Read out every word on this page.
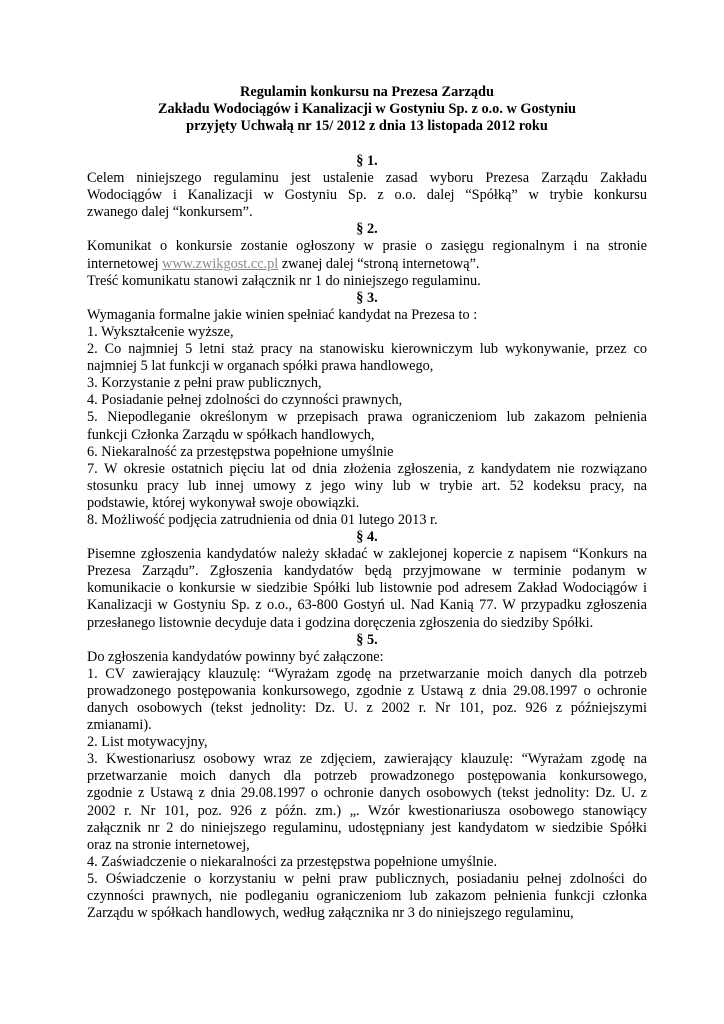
Regulamin konkursu na Prezesa Zarządu
Zakładu Wodociągów i Kanalizacji w Gostyniu Sp. z o.o. w Gostyniu
przyjęty Uchwałą nr 15/ 2012 z dnia 13 listopada 2012 roku
§ 1.
Celem niniejszego regulaminu jest ustalenie zasad wyboru Prezesa Zarządu Zakładu
Wodociągów i Kanalizacji w Gostyniu Sp. z o.o. dalej “Spółką” w trybie konkursu
zwanego dalej “konkursem”.
§ 2.
Komunikat o konkursie zostanie ogłoszony w prasie o zasięgu regionalnym i na stronie
internetowej www.zwikgost.cc.pl zwanej dalej “stroną internetową”.
Treść komunikatu stanowi załącznik nr 1 do niniejszego regulaminu.
§ 3.
Wymagania formalne jakie winien spełniać kandydat na Prezesa to :
1. Wykształcenie wyższe,
2. Co najmniej 5 letni staż pracy na stanowisku kierowniczym lub wykonywanie, przez co
najmniej 5 lat funkcji w organach spółki prawa handlowego,
3. Korzystanie z pełni praw publicznych,
4. Posiadanie pełnej zdolności do czynności prawnych,
5. Niepodleganie określonym w przepisach prawa ograniczeniom lub zakazom pełnienia
funkcji Członka Zarządu w spółkach handlowych,
6. Niekaralność za przestępstwa popełnione umyślnie
7. W okresie ostatnich pięciu lat od dnia złożenia zgłoszenia, z kandydatem nie rozwiązano
stosunku pracy lub innej umowy z jego winy lub w trybie art. 52 kodeksu pracy, na
podstawie, której wykonywał swoje obowiązki.
8. Możliwość podjęcia zatrudnienia od dnia 01 lutego 2013 r.
§ 4.
Pisemne zgłoszenia kandydatów należy składać w zaklejonej kopercie z napisem “Konkurs na
Prezesa Zarządu”. Zgłoszenia kandydatów będą przyjmowane w terminie podanym w
komunikacie o konkursie w siedzibie Spółki lub listownie pod adresem Zakład Wodociągów i
Kanalizacji w Gostyniu Sp. z o.o., 63-800 Gostyń ul. Nad Kanią 77. W przypadku zgłoszenia
przesłanego listownie decyduje data i godzina doręczenia zgłoszenia do siedziby Spółki.
§ 5.
Do zgłoszenia kandydatów powinny być załączone:
1. CV zawierający klauzulę: “Wyrażam zgodę na przetwarzanie moich danych dla potrzeb
prowadzonego postępowania konkursowego, zgodnie z Ustawą z dnia 29.08.1997 o ochronie
danych osobowych (tekst jednolity: Dz. U. z 2002 r. Nr 101, poz. 926 z późniejszymi
zmianami).
2. List motywacyjny,
3. Kwestionariusz osobowy wraz ze zdjęciem, zawierający klauzulę: “Wyrażam zgodę na
przetwarzanie moich danych dla potrzeb prowadzonego postępowania konkursowego,
zgodnie z Ustawą z dnia 29.08.1997 o ochronie danych osobowych (tekst jednolity: Dz. U. z
2002 r. Nr 101, poz. 926 z późn. zm.) „. Wzór kwestionariusza osobowego stanowiący
załącznik nr 2 do niniejszego regulaminu, udostępniany jest kandydatom w siedzibie Spółki
oraz na stronie internetowej,
4. Zaświadczenie o niekaralności za przestępstwa popełnione umyślnie.
5. Oświadczenie o korzystaniu w pełni praw publicznych, posiadaniu pełnej zdolności do
czynności prawnych, nie podleganiu ograniczeniom lub zakazom pełnienia funkcji członka
Zarządu w spółkach handlowych, według załącznika nr 3 do niniejszego regulaminu,
